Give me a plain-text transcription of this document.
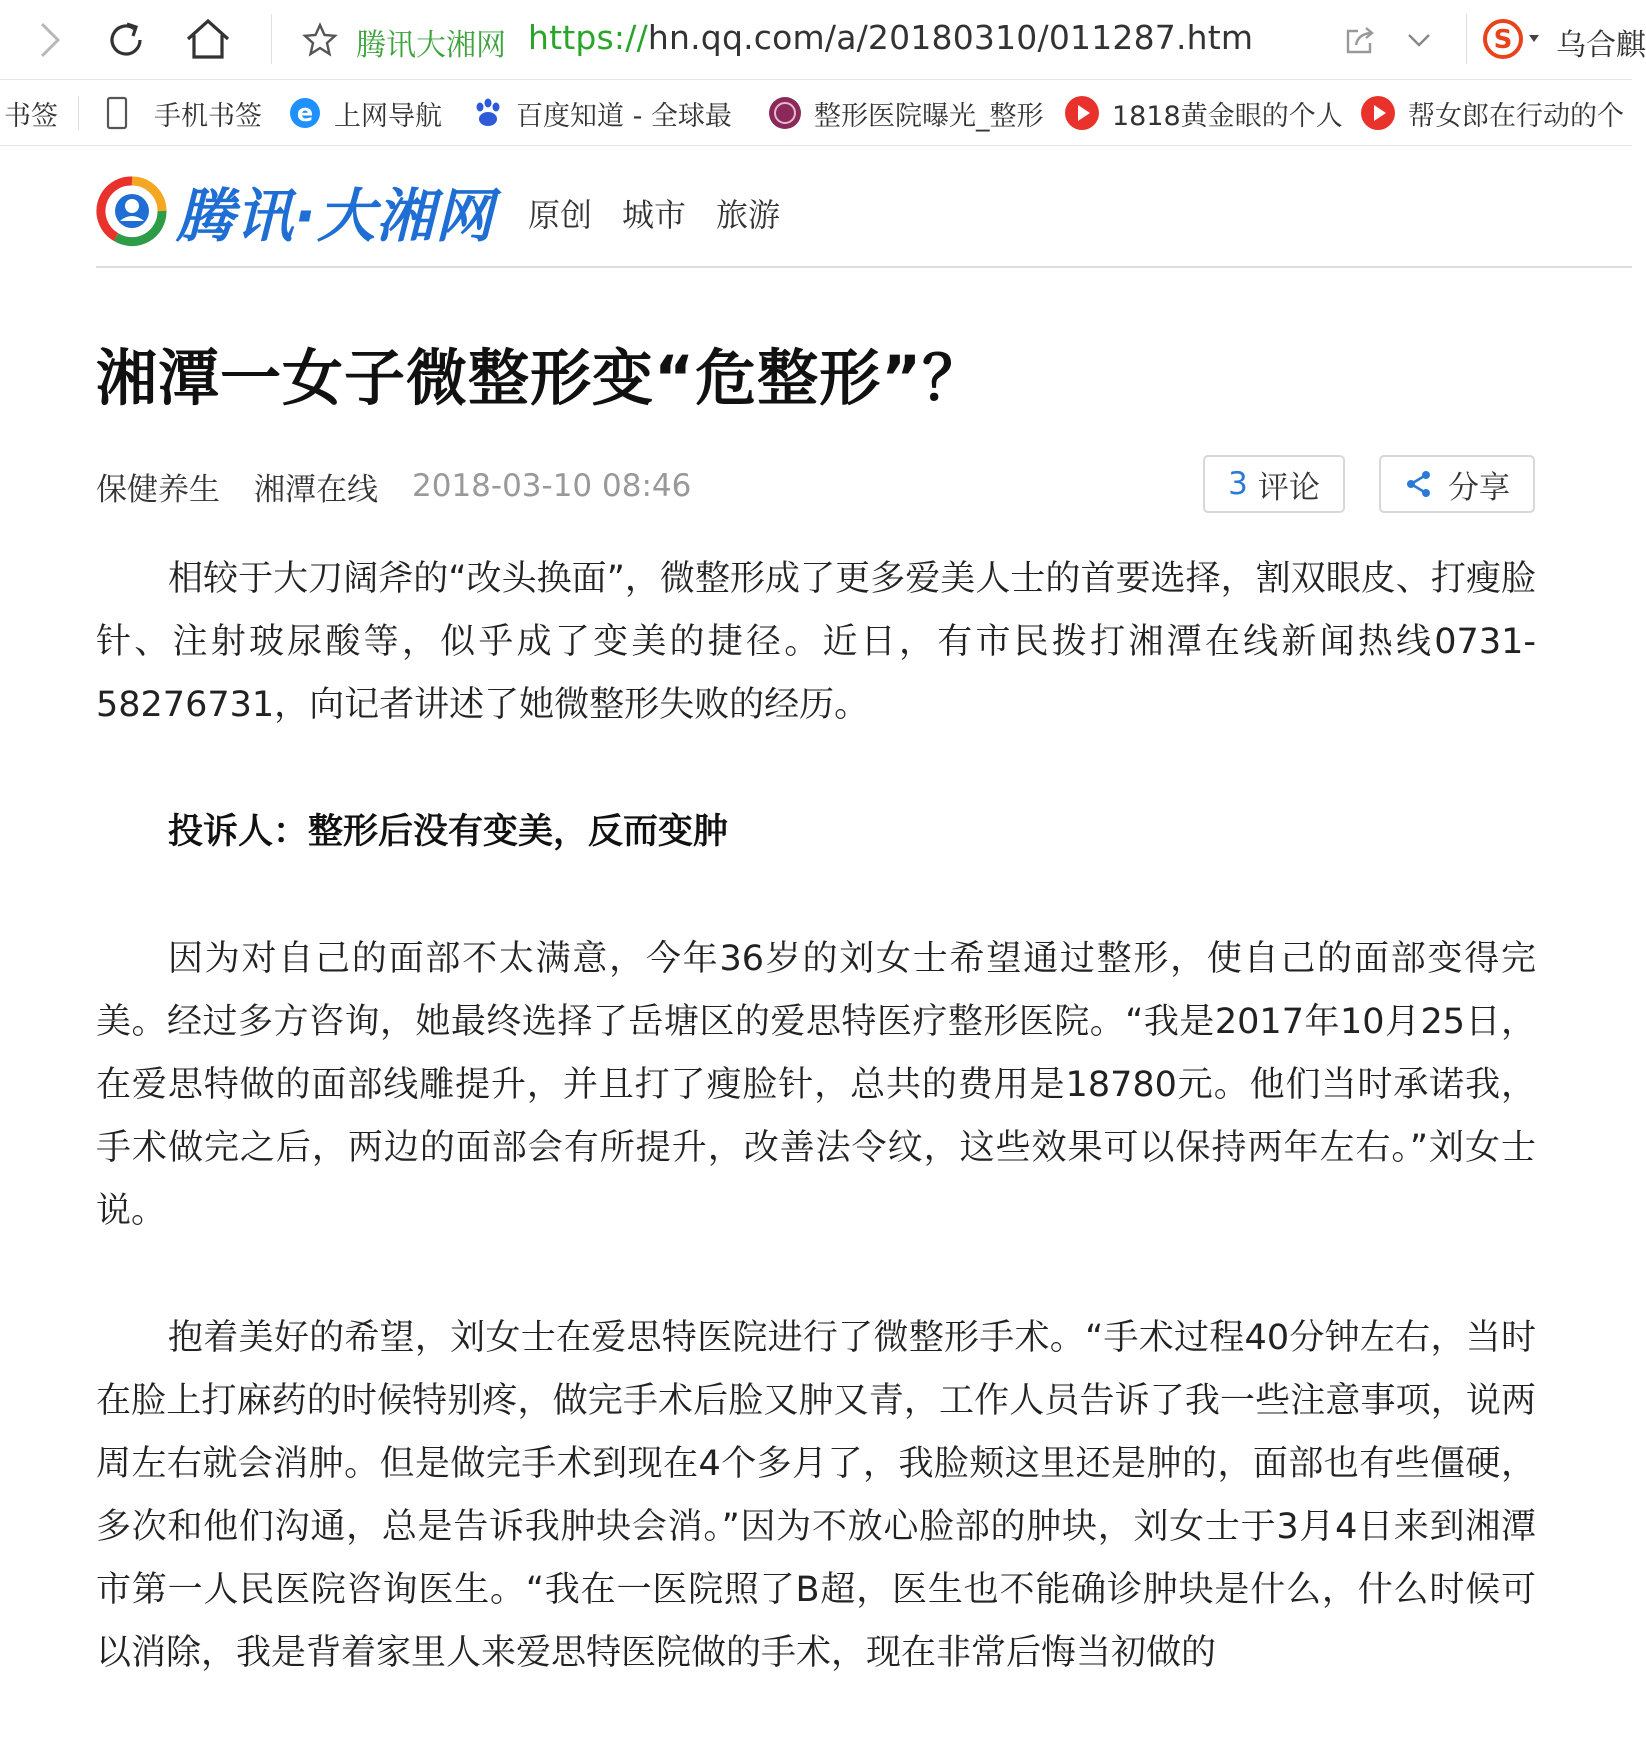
腾讯大湘网 https://hn.qq.com/a/20180310/011287.htm	S 乌合麒
书签	手机书签 e 上网导航	百度知道 - 全球最	整形医院曝光_整形	1818黄金眼的个人 帮女郎在行动的个
腾讯·大湘网 原创 城市 旅游
湘潭一女子微整形变“危整形”？
保健养生 湘潭在线 2018-03-10 08:46	3 评论	分享

相较于大刀阔斧的“改头换面”，微整形成了更多爱美人士的首要选择，割双眼皮、打瘦脸针、注射玻尿酸等，似乎成了变美的捷径。近日，有市民拨打湘潭在线新闻热线0731-58276731，向记者讲述了她微整形失败的经历。

投诉人：整形后没有变美，反而变肿

因为对自己的面部不太满意，今年36岁的刘女士希望通过整形，使自己的面部变得完美。经过多方咨询，她最终选择了岳塘区的爱思特医疗整形医院。“我是2017年10月25日，在爱思特做的面部线雕提升，并且打了瘦脸针，总共的费用是18780元。他们当时承诺我，手术做完之后，两边的面部会有所提升，改善法令纹，这些效果可以保持两年左右。”刘女士说。

抱着美好的希望，刘女士在爱思特医院进行了微整形手术。“手术过程40分钟左右，当时在脸上打麻药的时候特别疼，做完手术后脸又肿又青，工作人员告诉了我一些注意事项，说两周左右就会消肿。但是做完手术到现在4个多月了，我脸颊这里还是肿的，面部也有些僵硬，多次和他们沟通，总是告诉我肿块会消。”因为不放心脸部的肿块，刘女士于3月4日来到湘潭市第一人民医院咨询医生。“我在一医院照了B超，医生也不能确诊肿块是什么，什么时候可以消除，我是背着家里人来爱思特医院做的手术，现在非常后悔当初做的
